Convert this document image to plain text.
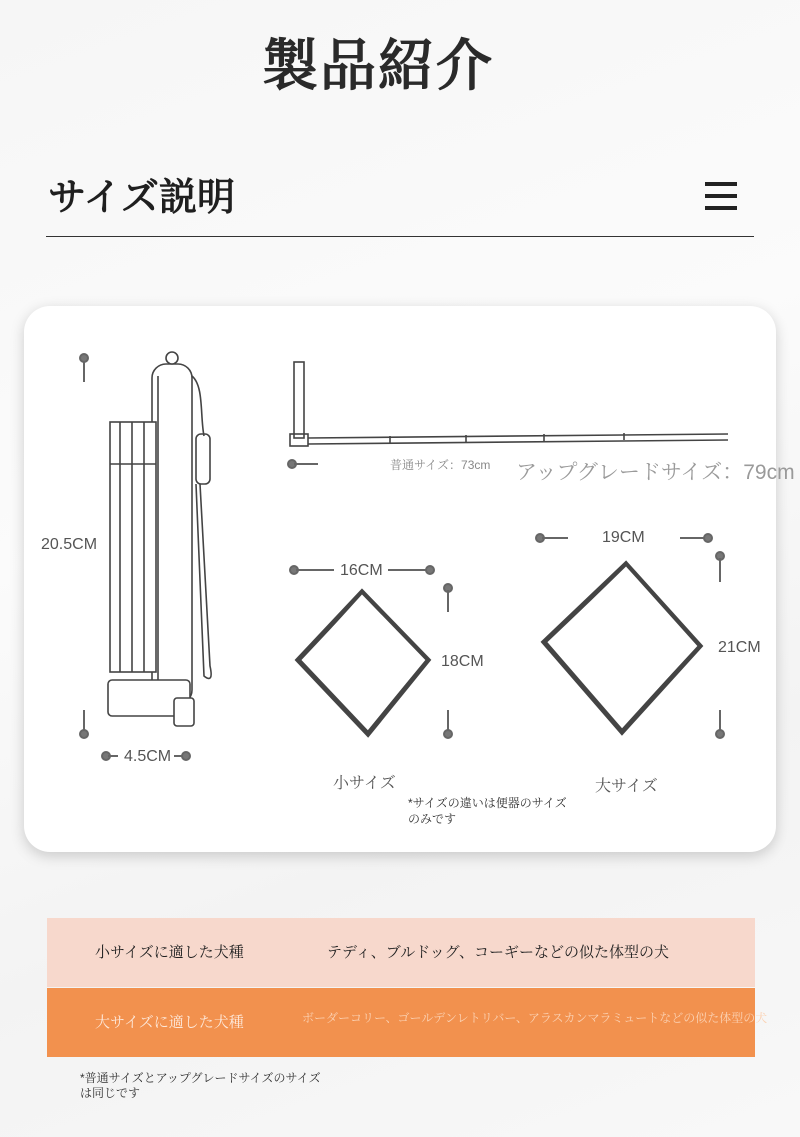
製品紹介
サイズ説明
20.5CM
4.5CM
普通サイズ：73cm アップグレードサイズ：79cm
16CM
18CM
19CM
21CM
小サイズ	大サイズ
*サイズの違いは便器のサイズのみです
小サイズに適した犬種	テディ、ブルドッグ、コーギーなどの似た体型の犬
大サイズに適した犬種	ボーダーコリー、ゴールデンレトリバー、アラスカンマラミュートなどの似た体型の犬
*普通サイズとアップグレードサイズのサイズは同じです
